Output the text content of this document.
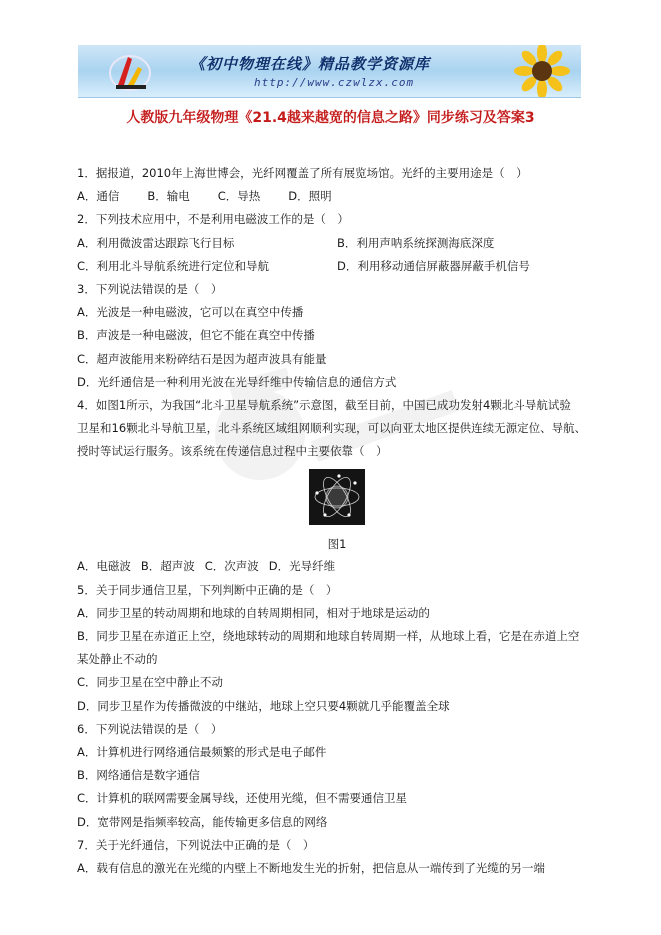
《初中物理在线》精品教学资源库
http://www.czwlzx.com
人教版九年级物理《21.4越来越宽的信息之路》同步练习及答案3
1．据报道，2010年上海世博会，光纤网覆盖了所有展览场馆。光纤的主要用途是（　）
A．通信 B．输电 C．导热 D．照明
2．下列技术应用中，不是利用电磁波工作的是（　）
A．利用微波雷达跟踪飞行目标	B．利用声呐系统探测海底深度
C．利用北斗导航系统进行定位和导航	D．利用移动通信屏蔽器屏蔽手机信号
3．下列说法错误的是（　）
A．光波是一种电磁波，它可以在真空中传播
B．声波是一种电磁波，但它不能在真空中传播
C．超声波能用来粉碎结石是因为超声波具有能量
D．光纤通信是一种利用光波在光导纤维中传输信息的通信方式
4．如图1所示，为我国“北斗卫星导航系统”示意图，截至目前，中国已成功发射4颗北斗导航试验
卫星和16颗北斗导航卫星，北斗系统区域组网顺利实现，可以向亚太地区提供连续无源定位、导航、
授时等试运行服务。该系统在传递信息过程中主要依靠（　）
图1
A．电磁波 B．超声波 C．次声波 D．光导纤维
5．关于同步通信卫星，下列判断中正确的是（　）
A．同步卫星的转动周期和地球的自转周期相同，相对于地球是运动的
B．同步卫星在赤道正上空，绕地球转动的周期和地球自转周期一样，从地球上看，它是在赤道上空
某处静止不动的
C．同步卫星在空中静止不动
D．同步卫星作为传播微波的中继站，地球上空只要4颗就几乎能覆盖全球
6．下列说法错误的是（　）
A．计算机进行网络通信最频繁的形式是电子邮件
B．网络通信是数字通信
C．计算机的联网需要金属导线，还使用光缆，但不需要通信卫星
D．宽带网是指频率较高，能传输更多信息的网络
7．关于光纤通信，下列说法中正确的是（　）
A．载有信息的激光在光缆的内壁上不断地发生光的折射，把信息从一端传到了光缆的另一端
